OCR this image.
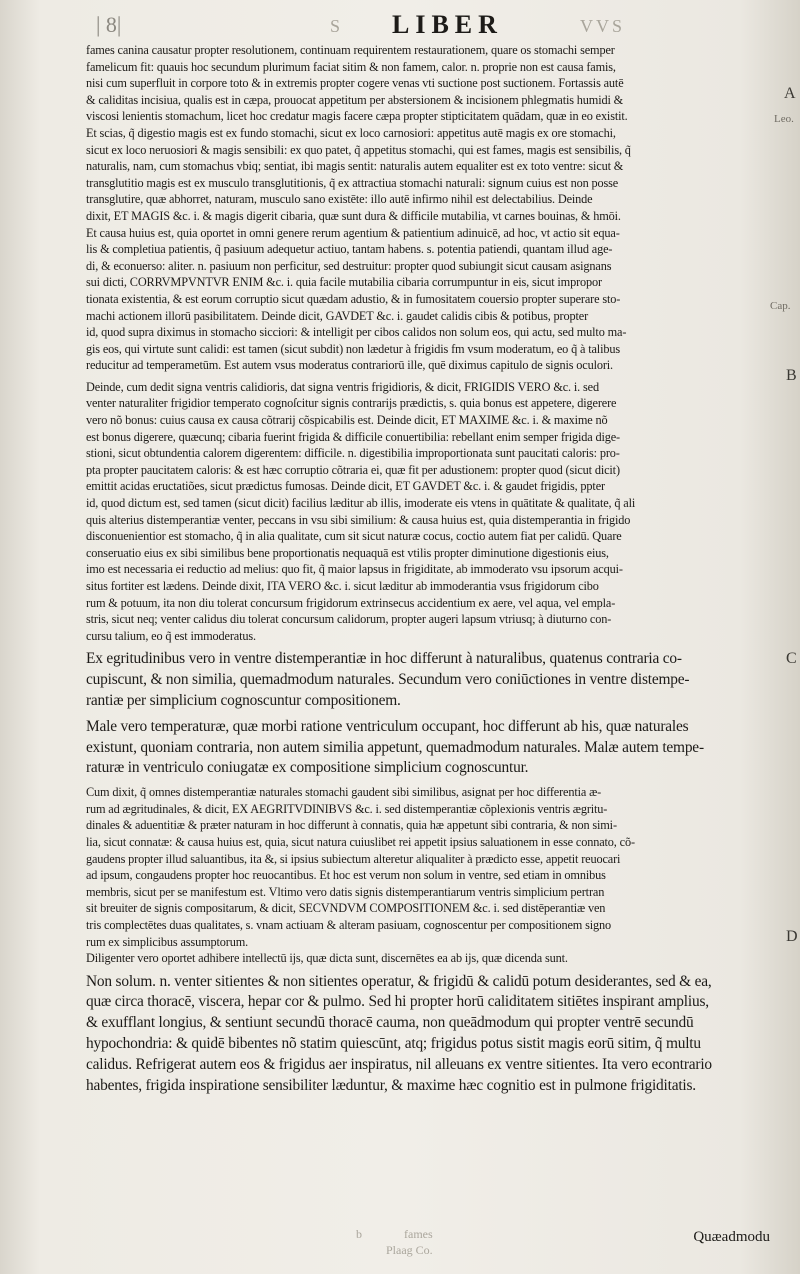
| 8|	S LIBER	VVS
fames canina causatur propter resolutionem, continuam requirentem restaurationem, quare os stomachi semper
famelicum fit: quauis hoc secundum plurimum faciat sitim & non famem, calor. n. proprie non est causa famis,
nisi cum superfluit in corpore toto & in extremis propter cogere venas vti suctione post suctionem. Fortassis autē
& caliditas incisiua, qualis est in cæpa, prouocat appetitum per abstersionem & incisionem phlegmatis humidi &
viscosi lenientis stomachum, licet hoc credatur magis facere cæpa propter stipticitatem quādam, quæ in eo existit.
Et scias, q̃ digestio magis est ex fundo stomachi, sicut ex loco carnosiori: appetitus autē magis ex ore stomachi,
sicut ex loco neruosiori & magis sensibili: ex quo patet, q̃ appetitus stomachi, qui est fames, magis est sensibilis, q̃
naturalis, nam, cum stomachus vbiq; sentiat, ibi magis sentit: naturalis autem equaliter est ex toto ventre: sicut &
transglutitio magis est ex musculo transglutitionis, q̃ ex attractiua stomachi naturali: signum cuius est non posse
transglutire, quæ abhorret, naturam, musculo sano existēte: illo autē infirmo nihil est delectabilius. Deinde
dixit, ET MAGIS &c. i. & magis digerit cibaria, quæ sunt dura & difficile mutabilia, vt carnes bouinas, & hmōi.
Et causa huius est, quia oportet in omni genere rerum agentium & patientium adinuicē, ad hoc, vt actio sit equa-
lis & completiua patientis, q̃ pasiuum adequetur actiuo, tantam habens. s. potentia patiendi, quantam illud age-
di, & econuerso: aliter. n. pasiuum non perficitur, sed destruitur: propter quod subiungit sicut causam asignans
sui dicti, CORRVMPVNTVR ENIM &c. i. quia facile mutabilia cibaria corrumpuntur in eis, sicut impropor
tionata existentia, & est eorum corruptio sicut quædam adustio, & in fumositatem couersio propter superare sto-
machi actionem illorū pasibilitatem. Deinde dicit, GAVDET &c. i. gaudet calidis cibis & potibus, propter
id, quod supra diximus in stomacho sicciori: & intelligit per cibos calidos non solum eos, qui actu, sed multo ma-
gis eos, qui virtute sunt calidi: est tamen (sicut subdit) non lædetur à frigidis fm vsum moderatum, eo q̃ à talibus
reducitur ad temperametūm. Est autem vsus moderatus contrariorū ille, quē diximus capitulo de signis oculori.
Deinde, cum dedit signa ventris calidioris, dat signa ventris frigidioris, & dicit, FRIGIDIS VERO &c. i. sed
venter naturaliter frigidior temperato cognoſcitur signis contrarijs prædictis, s. quia bonus est appetere, digerere
vero nõ bonus: cuius causa ex causa cõtrarij cõspicabilis est. Deinde dicit, ET MAXIME &c. i. & maxime nõ
est bonus digerere, quæcunq; cibaria fuerint frigida & difficile conuertibilia: rebellant enim semper frigida dige-
stioni, sicut obtundentia calorem digerentem: difficile. n. digestibilia improportionata sunt paucitati caloris: pro-
pta propter paucitatem caloris: & est hæc corruptio cõtraria ei, quæ fit per adustionem: propter quod (sicut dicit)
emittit acidas eructatiões, sicut prædictus fumosas. Deinde dicit, ET GAVDET &c. i. & gaudet frigidis, ppter
id, quod dictum est, sed tamen (sicut dicit) facilius læditur ab illis, imoderate eis vtens in quātitate & qualitate, q̃ ali
quis alterius distemperantiæ venter, peccans in vsu sibi similium: & causa huius est, quia distemperantia in frigido
disconuenientior est stomacho, q̃ in alia qualitate, cum sit sicut naturæ cocus, coctio autem fiat per calidū. Quare
conseruatio eius ex sibi similibus bene proportionatis nequaquā est vtilis propter diminutione digestionis eius,
imo est necessaria ei reductio ad melius: quo fit, q̃ maior lapsus in frigiditate, ab immoderato vsu ipsorum acqui-
situs fortiter est lædens. Deinde dixit, ITA VERO &c. i. sicut læditur ab immoderantia vsus frigidorum cibo
rum & potuum, ita non diu tolerat concursum frigidorum extrinsecus accidentium ex aere, vel aqua, vel empla-
stris, sicut neq; venter calidus diu tolerat concursum calidorum, propter augeri lapsum vtriusq; à diuturno con-
cursu talium, eo q̃ est immoderatus.
Ex egritudinibus vero in ventre distemperantiæ in hoc differunt à naturalibus, quatenus contraria co-
cupiscunt, & non similia, quemadmodum naturales. Secundum vero coniūctiones in ventre distempe-
rantiæ per simplicium cognoscuntur compositionem.
Male vero temperaturæ, quæ morbi ratione ventriculum occupant, hoc differunt ab his, quæ naturales
existunt, quoniam contraria, non autem similia appetunt, quemadmodum naturales. Malæ autem tempe-
raturæ in ventriculo coniugatæ ex compositione simplicium cognoscuntur.
Cum dixit, q̃ omnes distemperantiæ naturales stomachi gaudent sibi similibus, asignat per hoc differentia æ-
rum ad ægritudinales, & dicit, EX AEGRITVDINIBVS &c. i. sed distemperantiæ cõplexionis ventris ægritu-
dinales & aduentitiæ & præter naturam in hoc differunt à connatis, quia hæ appetunt sibi contraria, & non simi-
lia, sicut connatæ: & causa huius est, quia, sicut natura cuiuslibet rei appetit ipsius saluationem in esse connato, cõ-
gaudens propter illud saluantibus, ita &, si ipsius subiectum alteretur aliqualiter à prædicto esse, appetit reuocari
ad ipsum, congaudens propter hoc reuocantibus. Et hoc est verum non solum in ventre, sed etiam in omnibus
membris, sicut per se manifestum est. Vltimo vero datis signis distemperantiarum ventris simplicium pertran
sit breuiter de signis compositarum, & dicit, SECVNDVM COMPOSITIONEM &c. i. sed distēperantiæ ven
tris complectētes duas qualitates, s. vnam actiuam & alteram pasiuam, cognoscentur per compositionem signo
rum ex simplicibus assumptorum.
Diligenter vero oportet adhibere intellectū ijs, quæ dicta sunt, discernētes ea ab ijs, quæ dicenda sunt.
Non solum. n. venter sitientes & non sitientes operatur, & frigidū & calidū potum desiderantes, sed & ea,
quæ circa thoracē, viscera, hepar cor & pulmo. Sed hi propter horū caliditatem sitiētes inspirant amplius,
& exufflant longius, & sentiunt secundū thoracē cauma, non queādmodum qui propter ventrē secundū
hypochondria: & quidē bibentes nõ statim quiescūnt, atq; frigidus potus sistit magis eorū sitim, q̃ multu
calidus. Refrigerat autem eos & frigidus aer inspiratus, nil alleuans ex ventre sitientes. Ita vero econtrario
habentes, frigida inspiratione sensibiliter læduntur, & maxime hæc cognitio est in pulmone frigiditatis.
A
Leo.
Cap.
B
C
D
b	fames
Plaag Co.
Quæadmodu
